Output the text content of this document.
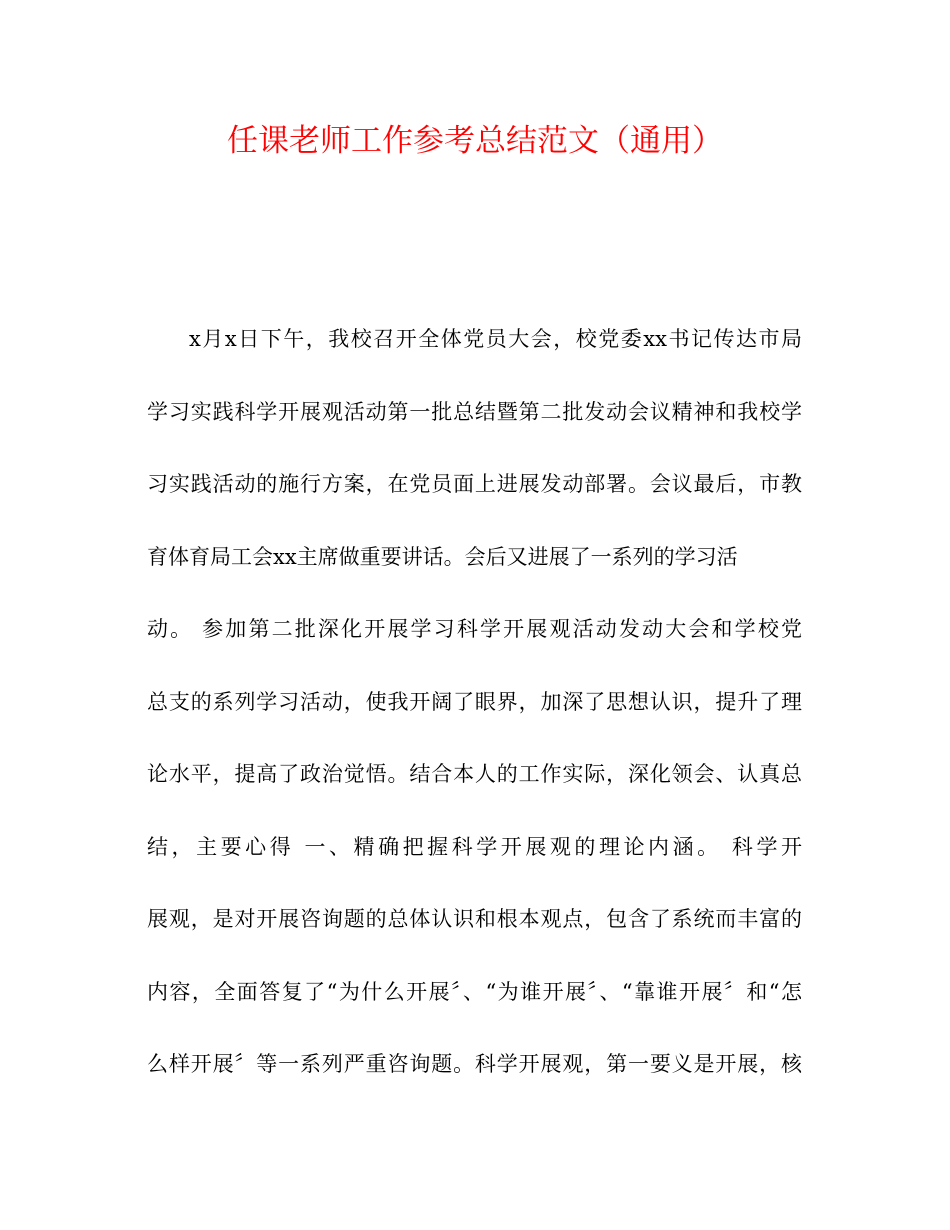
任课老师工作参考总结范文（通用）
x月x日下午，我校召开全体党员大会，校党委xx书记传达市局
学习实践科学开展观活动第一批总结暨第二批发动会议精神和我校学
习实践活动的施行方案，在党员面上进展发动部署。会议最后，市教
育体育局工会xx主席做重要讲话。会后又进展了一系列的学习活
动。 参加第二批深化开展学习科学开展观活动发动大会和学校党
总支的系列学习活动，使我开阔了眼界，加深了思想认识，提升了理
论水平，提高了政治觉悟。结合本人的工作实际，深化领会、认真总
结，主要心得 一、精确把握科学开展观的理论内涵。 科学开
展观，是对开展咨询题的总体认识和根本观点，包含了系统而丰富的
内容，全面答复了“为什么开展〞、“为谁开展〞、“靠谁开展〞和“怎
么样开展〞等一系列严重咨询题。科学开展观，第一要义是开展，核
